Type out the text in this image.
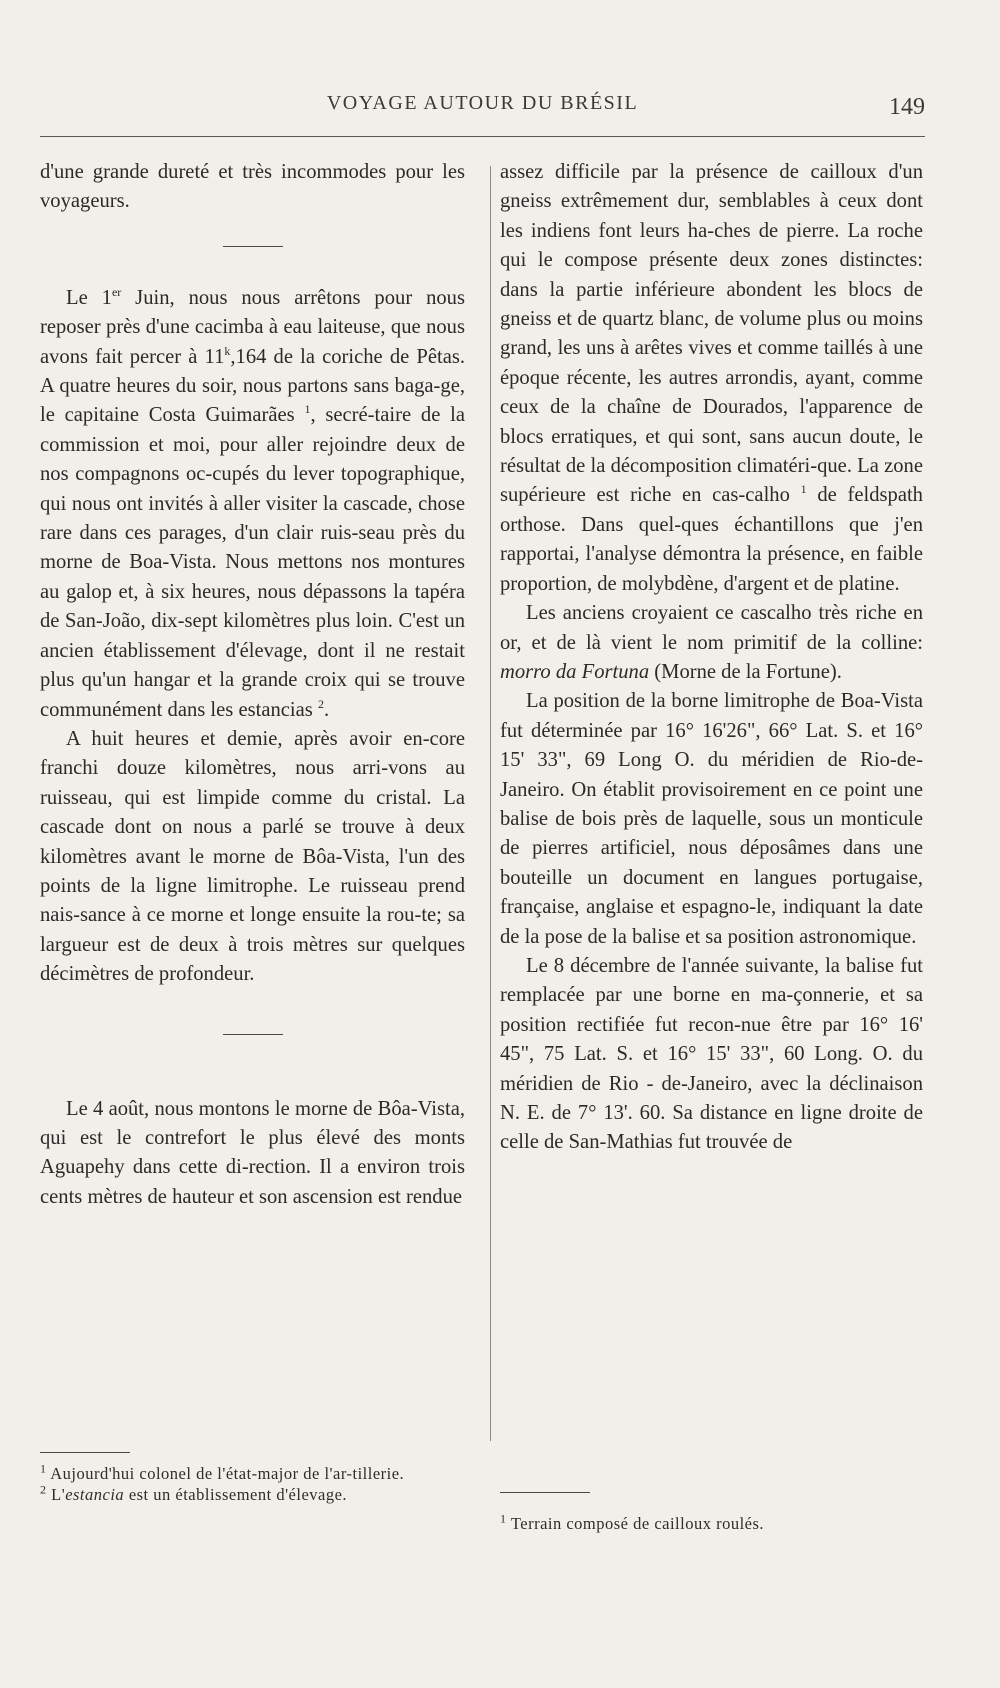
VOYAGE AUTOUR DU BRÉSIL	149

d'une grande dureté et très incommodes pour les voyageurs.

Le 1er Juin, nous nous arrêtons pour nous reposer près d'une cacimba à eau laiteuse, que nous avons fait percer à 11$^k$,164 de la coriche de Pêtas. A quatre heures du soir, nous partons sans baga-ge, le capitaine Costa Guimarães $^1$, secré-taire de la commission et moi, pour aller rejoindre deux de nos compagnons oc-cupés du lever topographique, qui nous ont invités à aller visiter la cascade, chose rare dans ces parages, d'un clair ruis-seau près du morne de Boa-Vista. Nous mettons nos montures au galop et, à six heures, nous dépassons la tapéra de San-João, dix-sept kilomètres plus loin. C'est un ancien établissement d'élevage, dont il ne restait plus qu'un hangar et la grande croix qui se trouve communément dans les estancias $^2$.

A huit heures et demie, après avoir en-core franchi douze kilomètres, nous arri-vons au ruisseau, qui est limpide comme du cristal. La cascade dont on nous a parlé se trouve à deux kilomètres avant le morne de Bôa-Vista, l'un des points de la ligne limitrophe. Le ruisseau prend nais-sance à ce morne et longe ensuite la rou-te; sa largueur est de deux à trois mètres sur quelques décimètres de profondeur.

Le 4 août, nous montons le morne de Bôa-Vista, qui est le contrefort le plus élevé des monts Aguapehy dans cette di-rection. Il a environ trois cents mètres de hauteur et son ascension est rendue

assez difficile par la présence de cailloux d'un gneiss extrêmement dur, semblables à ceux dont les indiens font leurs ha-ches de pierre. La roche qui le compose présente deux zones distinctes: dans la partie inférieure abondent les blocs de gneiss et de quartz blanc, de volume plus ou moins grand, les uns à arêtes vives et comme taillés à une époque récente, les autres arrondis, ayant, comme ceux de la chaîne de Dourados, l'apparence de blocs erratiques, et qui sont, sans aucun doute, le résultat de la décomposition climatéri-que. La zone supérieure est riche en cas-calho $^1$ de feldspath orthose. Dans quel-ques échantillons que j'en rapportai, l'analyse démontra la présence, en faible proportion, de molybdène, d'argent et de platine.

Les anciens croyaient ce cascalho très riche en or, et de là vient le nom primitif de la colline: morro da Fortuna (Morne de la Fortune).

La position de la borne limitrophe de Boa-Vista fut déterminée par 16° 16'26", 66° Lat. S. et 16° 15' 33", 69 Long O. du méridien de Rio-de-Janeiro. On établit provisoirement en ce point une balise de bois près de laquelle, sous un monticule de pierres artificiel, nous déposâmes dans une bouteille un document en langues portugaise, française, anglaise et espagno-le, indiquant la date de la pose de la balise et sa position astronomique.

Le 8 décembre de l'année suivante, la balise fut remplacée par une borne en ma-çonnerie, et sa position rectifiée fut recon-nue être par 16° 16' 45", 75 Lat. S. et 16° 15' 33", 60 Long. O. du méridien de Rio - de-Janeiro, avec la déclinaison N. E. de 7° 13'. 60. Sa distance en ligne droite de celle de San-Mathias fut trouvée de

$^1$ Aujourd'hui colonel de l'état-major de l'ar-tillerie.

$^2$ L'estancia est un établissement d'élevage.

$^1$ Terrain composé de cailloux roulés.
